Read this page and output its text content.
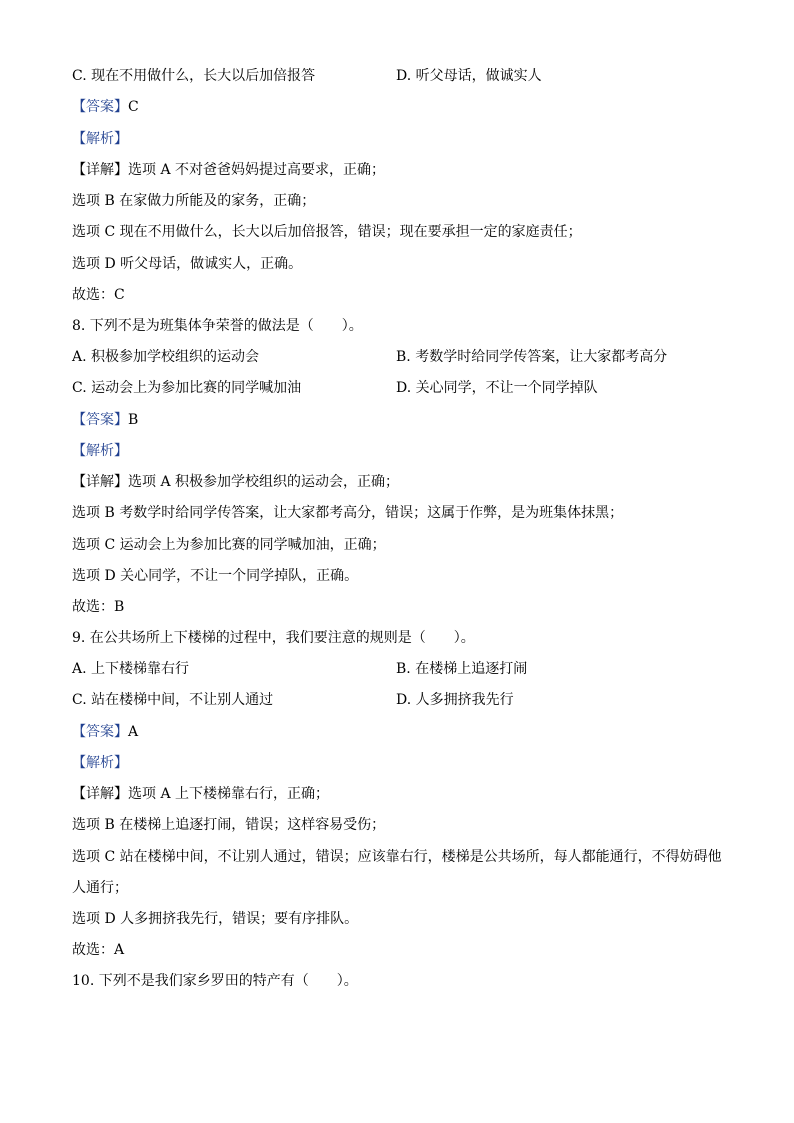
C. 现在不用做什么，长大以后加倍报答	D. 听父母话，做诚实人
【答案】C
【解析】
【详解】选项 A 不对爸爸妈妈提过高要求，正确；
选项 B 在家做力所能及的家务，正确；
选项 C 现在不用做什么，长大以后加倍报答，错误；现在要承担一定的家庭责任；
选项 D 听父母话，做诚实人，正确。
故选：C
8. 下列不是为班集体争荣誉的做法是（　　）。
A. 积极参加学校组织的运动会	B. 考数学时给同学传答案，让大家都考高分
C. 运动会上为参加比赛的同学喊加油	D. 关心同学，不让一个同学掉队
【答案】B
【解析】
【详解】选项 A 积极参加学校组织的运动会，正确；
选项 B 考数学时给同学传答案，让大家都考高分，错误；这属于作弊，是为班集体抹黑；
选项 C 运动会上为参加比赛的同学喊加油，正确；
选项 D 关心同学，不让一个同学掉队，正确。
故选：B
9. 在公共场所上下楼梯的过程中，我们要注意的规则是（　　）。
A. 上下楼梯靠右行	B. 在楼梯上追逐打闹
C. 站在楼梯中间，不让别人通过	D. 人多拥挤我先行
【答案】A
【解析】
【详解】选项 A 上下楼梯靠右行，正确；
选项 B 在楼梯上追逐打闹，错误；这样容易受伤；
选项 C 站在楼梯中间，不让别人通过，错误；应该靠右行，楼梯是公共场所，每人都能通行，不得妨碍他
人通行；
选项 D 人多拥挤我先行，错误；要有序排队。
故选：A
10. 下列不是我们家乡罗田的特产有（　　）。
